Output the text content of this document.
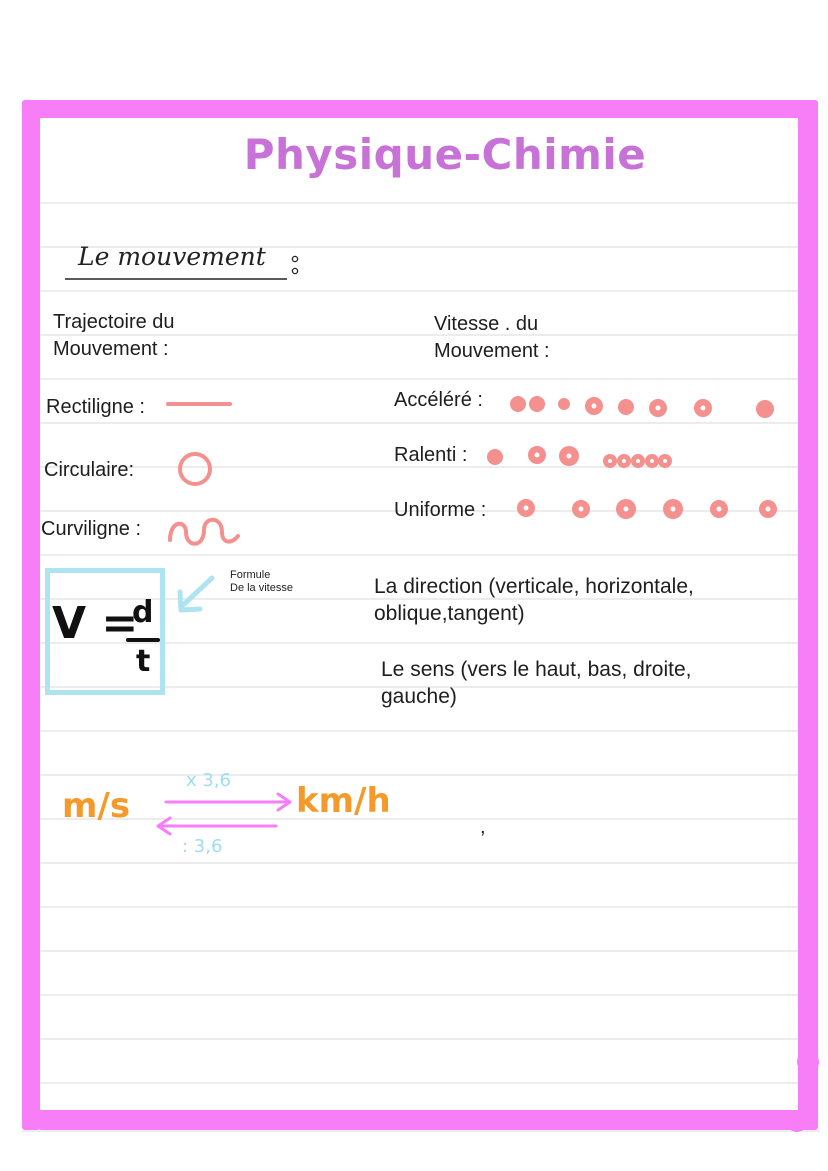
Physique-Chimie
Le mouvement
Trajectoire du
Mouvement :
Rectiligne :
Circulaire:
Curviligne :
Vitesse . du
Mouvement :
Accéléré :
Ralenti :
Uniforme :
V =
d
t
Formule
De la vitesse	La direction (verticale, horizontale,
oblique,tangent)
Le sens (vers le haut, bas, droite,
gauche)
m/s	km/h
x 3,6
: 3,6
,
